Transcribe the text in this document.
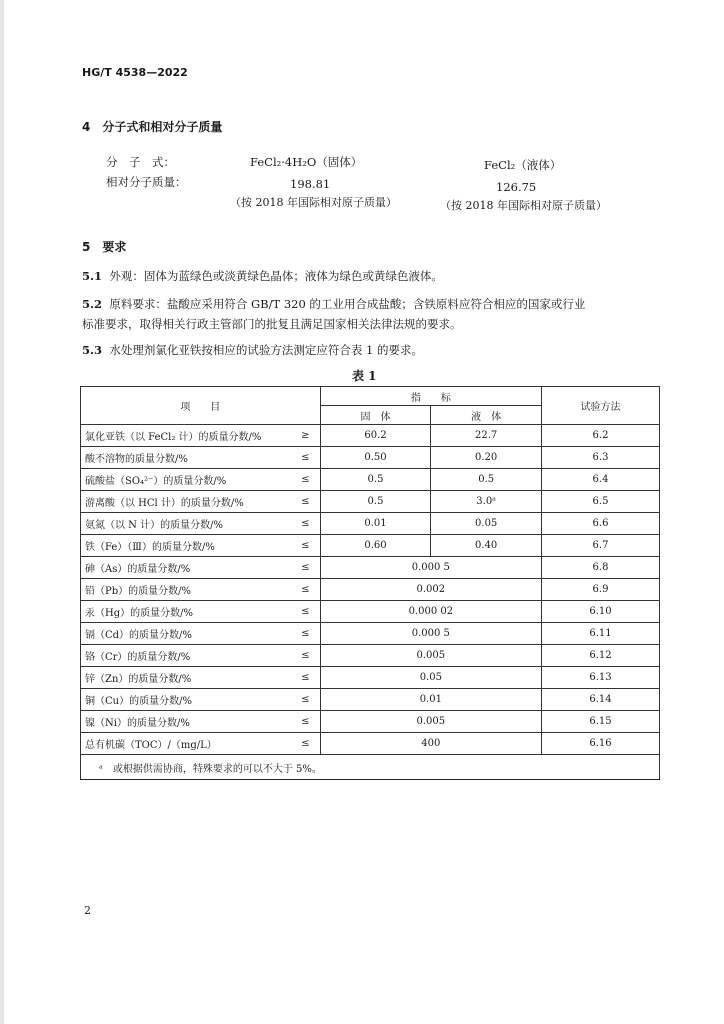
HG/T 4538—2022
4　分子式和相对分子质量
分　子　式：	FeCl₂·4H₂O（固体）	FeCl₂（液体）
相对分子质量：	198.81	126.75
（按 2018 年国际相对原子质量）	（按 2018 年国际相对原子质量）
5　要求
5.1 外观：固体为蓝绿色或淡黄绿色晶体；液体为绿色或黄绿色液体。
5.2 原料要求：盐酸应采用符合 GB/T 320 的工业用合成盐酸；含铁原料应符合相应的国家或行业
标准要求，取得相关行政主管部门的批复且满足国家相关法律法规的要求。
5.3 水处理剂氯化亚铁按相应的试验方法测定应符合表 1 的要求。
表 1
项　　目		指　　标		试验方法
		固　体	液　体	
氯化亚铁（以 FeCl₂ 计）的质量分数/%	≥	60.2	22.7	6.2
酸不溶物的质量分数/%	≤	0.50	0.20	6.3
硫酸盐（SO₄²⁻）的质量分数/%	≤	0.5	0.5	6.4
游离酸（以 HCl 计）的质量分数/%	≤	0.5	3.0ᵃ	6.5
氨氮（以 N 计）的质量分数/%	≤	0.01	0.05	6.6
铁（Fe）（Ⅲ）的质量分数/%	≤	0.60	0.40	6.7
砷（As）的质量分数/%	≤	0.000 5		6.8
铅（Pb）的质量分数/%	≤	0.002		6.9
汞（Hg）的质量分数/%	≤	0.000 02		6.10
镉（Cd）的质量分数/%	≤	0.000 5		6.11
铬（Cr）的质量分数/%	≤	0.005		6.12
锌（Zn）的质量分数/%	≤	0.05		6.13
铜（Cu）的质量分数/%	≤	0.01		6.14
镍（Ni）的质量分数/%	≤	0.005		6.15
总有机碳（TOC）/（mg/L）	≤	400		6.16
ᵃ　或根据供需协商，特殊要求的可以不大于 5%。				
2
